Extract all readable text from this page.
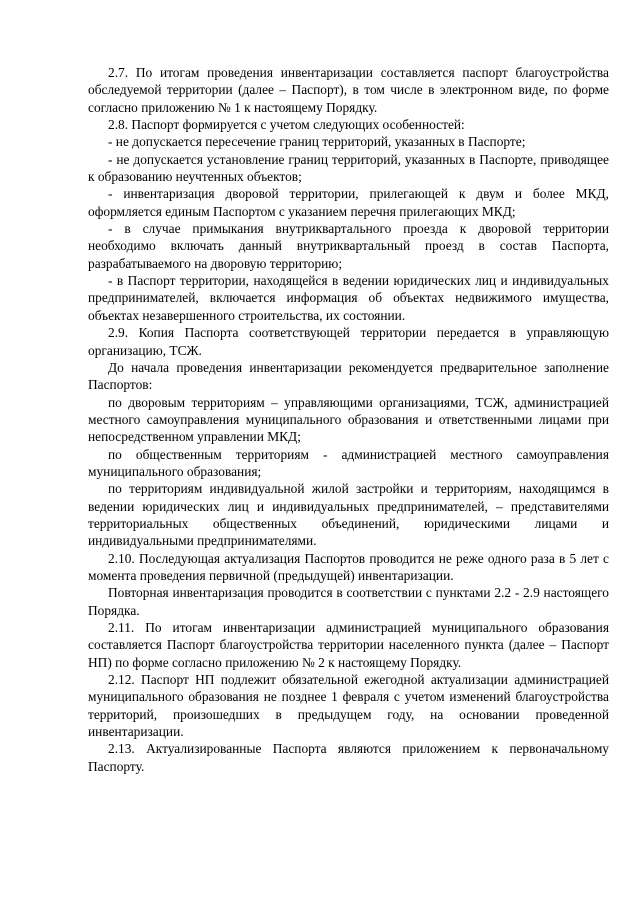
2.7. По итогам проведения инвентаризации составляется паспорт благоустройства обследуемой территории (далее – Паспорт), в том числе в электронном виде, по форме согласно приложению № 1 к настоящему Порядку.

2.8. Паспорт формируется с учетом следующих особенностей:

- не допускается пересечение границ территорий, указанных в Паспорте;

- не допускается установление границ территорий, указанных в Паспорте, приводящее к образованию неучтенных объектов;

- инвентаризация дворовой территории, прилегающей к двум и более МКД, оформляется единым Паспортом с указанием перечня прилегающих МКД;

- в случае примыкания внутриквартального проезда к дворовой территории необходимо включать данный внутриквартальный проезд в состав Паспорта, разрабатываемого на дворовую территорию;

- в Паспорт территории, находящейся в ведении юридических лиц и индивидуальных предпринимателей, включается информация об объектах недвижимого имущества, объектах незавершенного строительства, их состоянии.

2.9. Копия Паспорта соответствующей территории передается в управляющую организацию, ТСЖ.

До начала проведения инвентаризации рекомендуется предварительное заполнение Паспортов:

по дворовым территориям – управляющими организациями, ТСЖ, администрацией местного самоуправления муниципального образования и ответственными лицами при непосредственном управлении МКД;

по общественным территориям - администрацией местного самоуправления муниципального образования;

по территориям индивидуальной жилой застройки и территориям, находящимся в ведении юридических лиц и индивидуальных предпринимателей, – представителями территориальных общественных объединений, юридическими лицами и индивидуальными предпринимателями.

2.10. Последующая актуализация Паспортов проводится не реже одного раза в 5 лет с момента проведения первичной (предыдущей) инвентаризации.

Повторная инвентаризация проводится в соответствии с пунктами 2.2 - 2.9 настоящего Порядка.

2.11. По итогам инвентаризации администрацией муниципального образования составляется Паспорт благоустройства территории населенного пункта (далее – Паспорт НП) по форме согласно приложению № 2 к настоящему Порядку.

2.12. Паспорт НП подлежит обязательной ежегодной актуализации администрацией муниципального образования не позднее 1 февраля с учетом изменений благоустройства территорий, произошедших в предыдущем году, на основании проведенной инвентаризации.

2.13. Актуализированные Паспорта являются приложением к первоначальному Паспорту.
